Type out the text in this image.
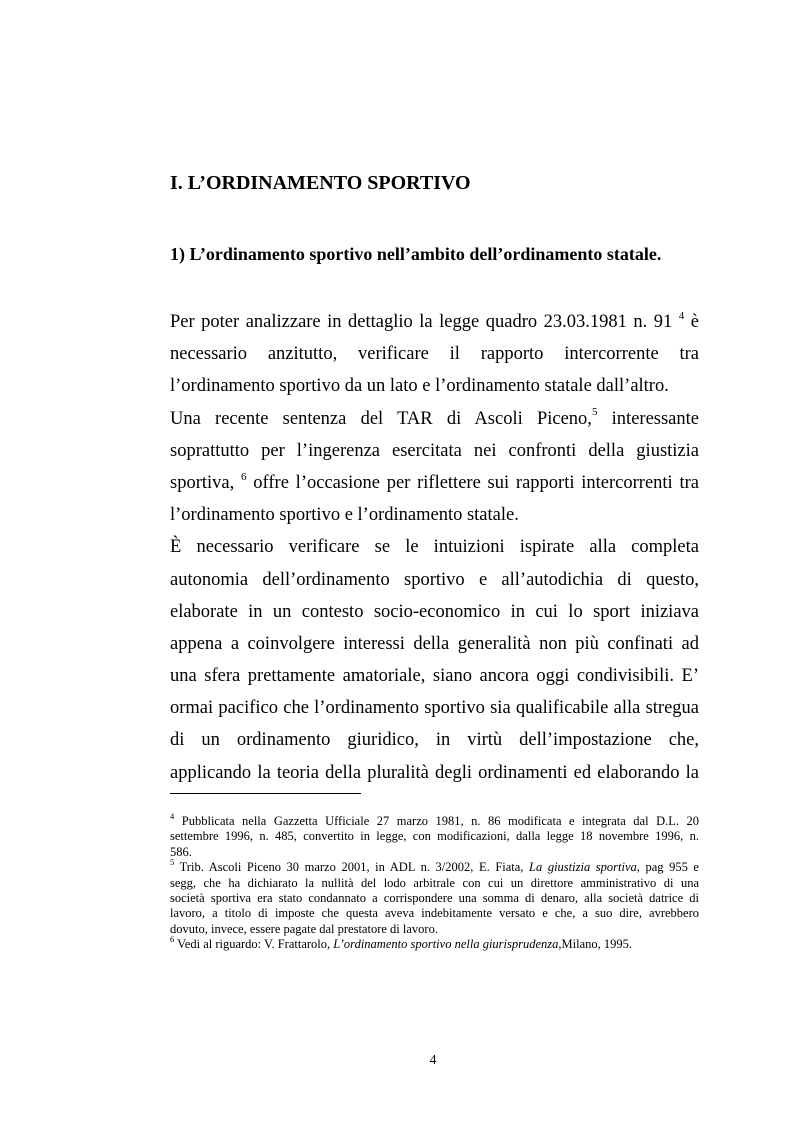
I. L’ORDINAMENTO SPORTIVO
1) L’ordinamento sportivo nell’ambito dell’ordinamento statale.
Per poter analizzare in dettaglio la legge quadro 23.03.1981 n. 91 $^4$ è
necessario anzitutto, verificare il rapporto intercorrente tra
l’ordinamento sportivo da un lato e l’ordinamento statale dall’altro.
Una recente sentenza del TAR di Ascoli Piceno,$^5$ interessante
soprattutto per l’ingerenza esercitata nei confronti della giustizia
sportiva, $^6$ offre l’occasione per riflettere sui rapporti intercorrenti tra
l’ordinamento sportivo e l’ordinamento statale.
È necessario verificare se le intuizioni ispirate alla completa
autonomia dell’ordinamento sportivo e all’autodichia di questo,
elaborate in un contesto socio-economico in cui lo sport iniziava
appena a coinvolgere interessi della generalità non più confinati ad
una sfera prettamente amatoriale, siano ancora oggi condivisibili. E’
ormai pacifico che l’ordinamento sportivo sia qualificabile alla stregua
di un ordinamento giuridico, in virtù dell’impostazione che,
applicando la teoria della pluralità degli ordinamenti ed elaborando la
$^4$ Pubblicata nella Gazzetta Ufficiale 27 marzo 1981, n. 86 modificata e integrata dal D.L. 20
settembre 1996, n. 485, convertito in legge, con modificazioni, dalla legge 18 novembre 1996, n.
586.
$^5$ Trib. Ascoli Piceno 30 marzo 2001, in ADL n. 3/2002, E. Fiata, La giustizia sportiva, pag 955 e
segg, che ha dichiarato la nullità del lodo arbitrale con cui un direttore amministrativo di una
società sportiva era stato condannato a corrispondere una somma di denaro, alla società datrice di
lavoro, a titolo di imposte che questa aveva indebitamente versato e che, a suo dire, avrebbero
dovuto, invece, essere pagate dal prestatore di lavoro.
$^6$ Vedi al riguardo: V. Frattarolo, L’ordinamento sportivo nella giurisprudenza,Milano, 1995.
4
